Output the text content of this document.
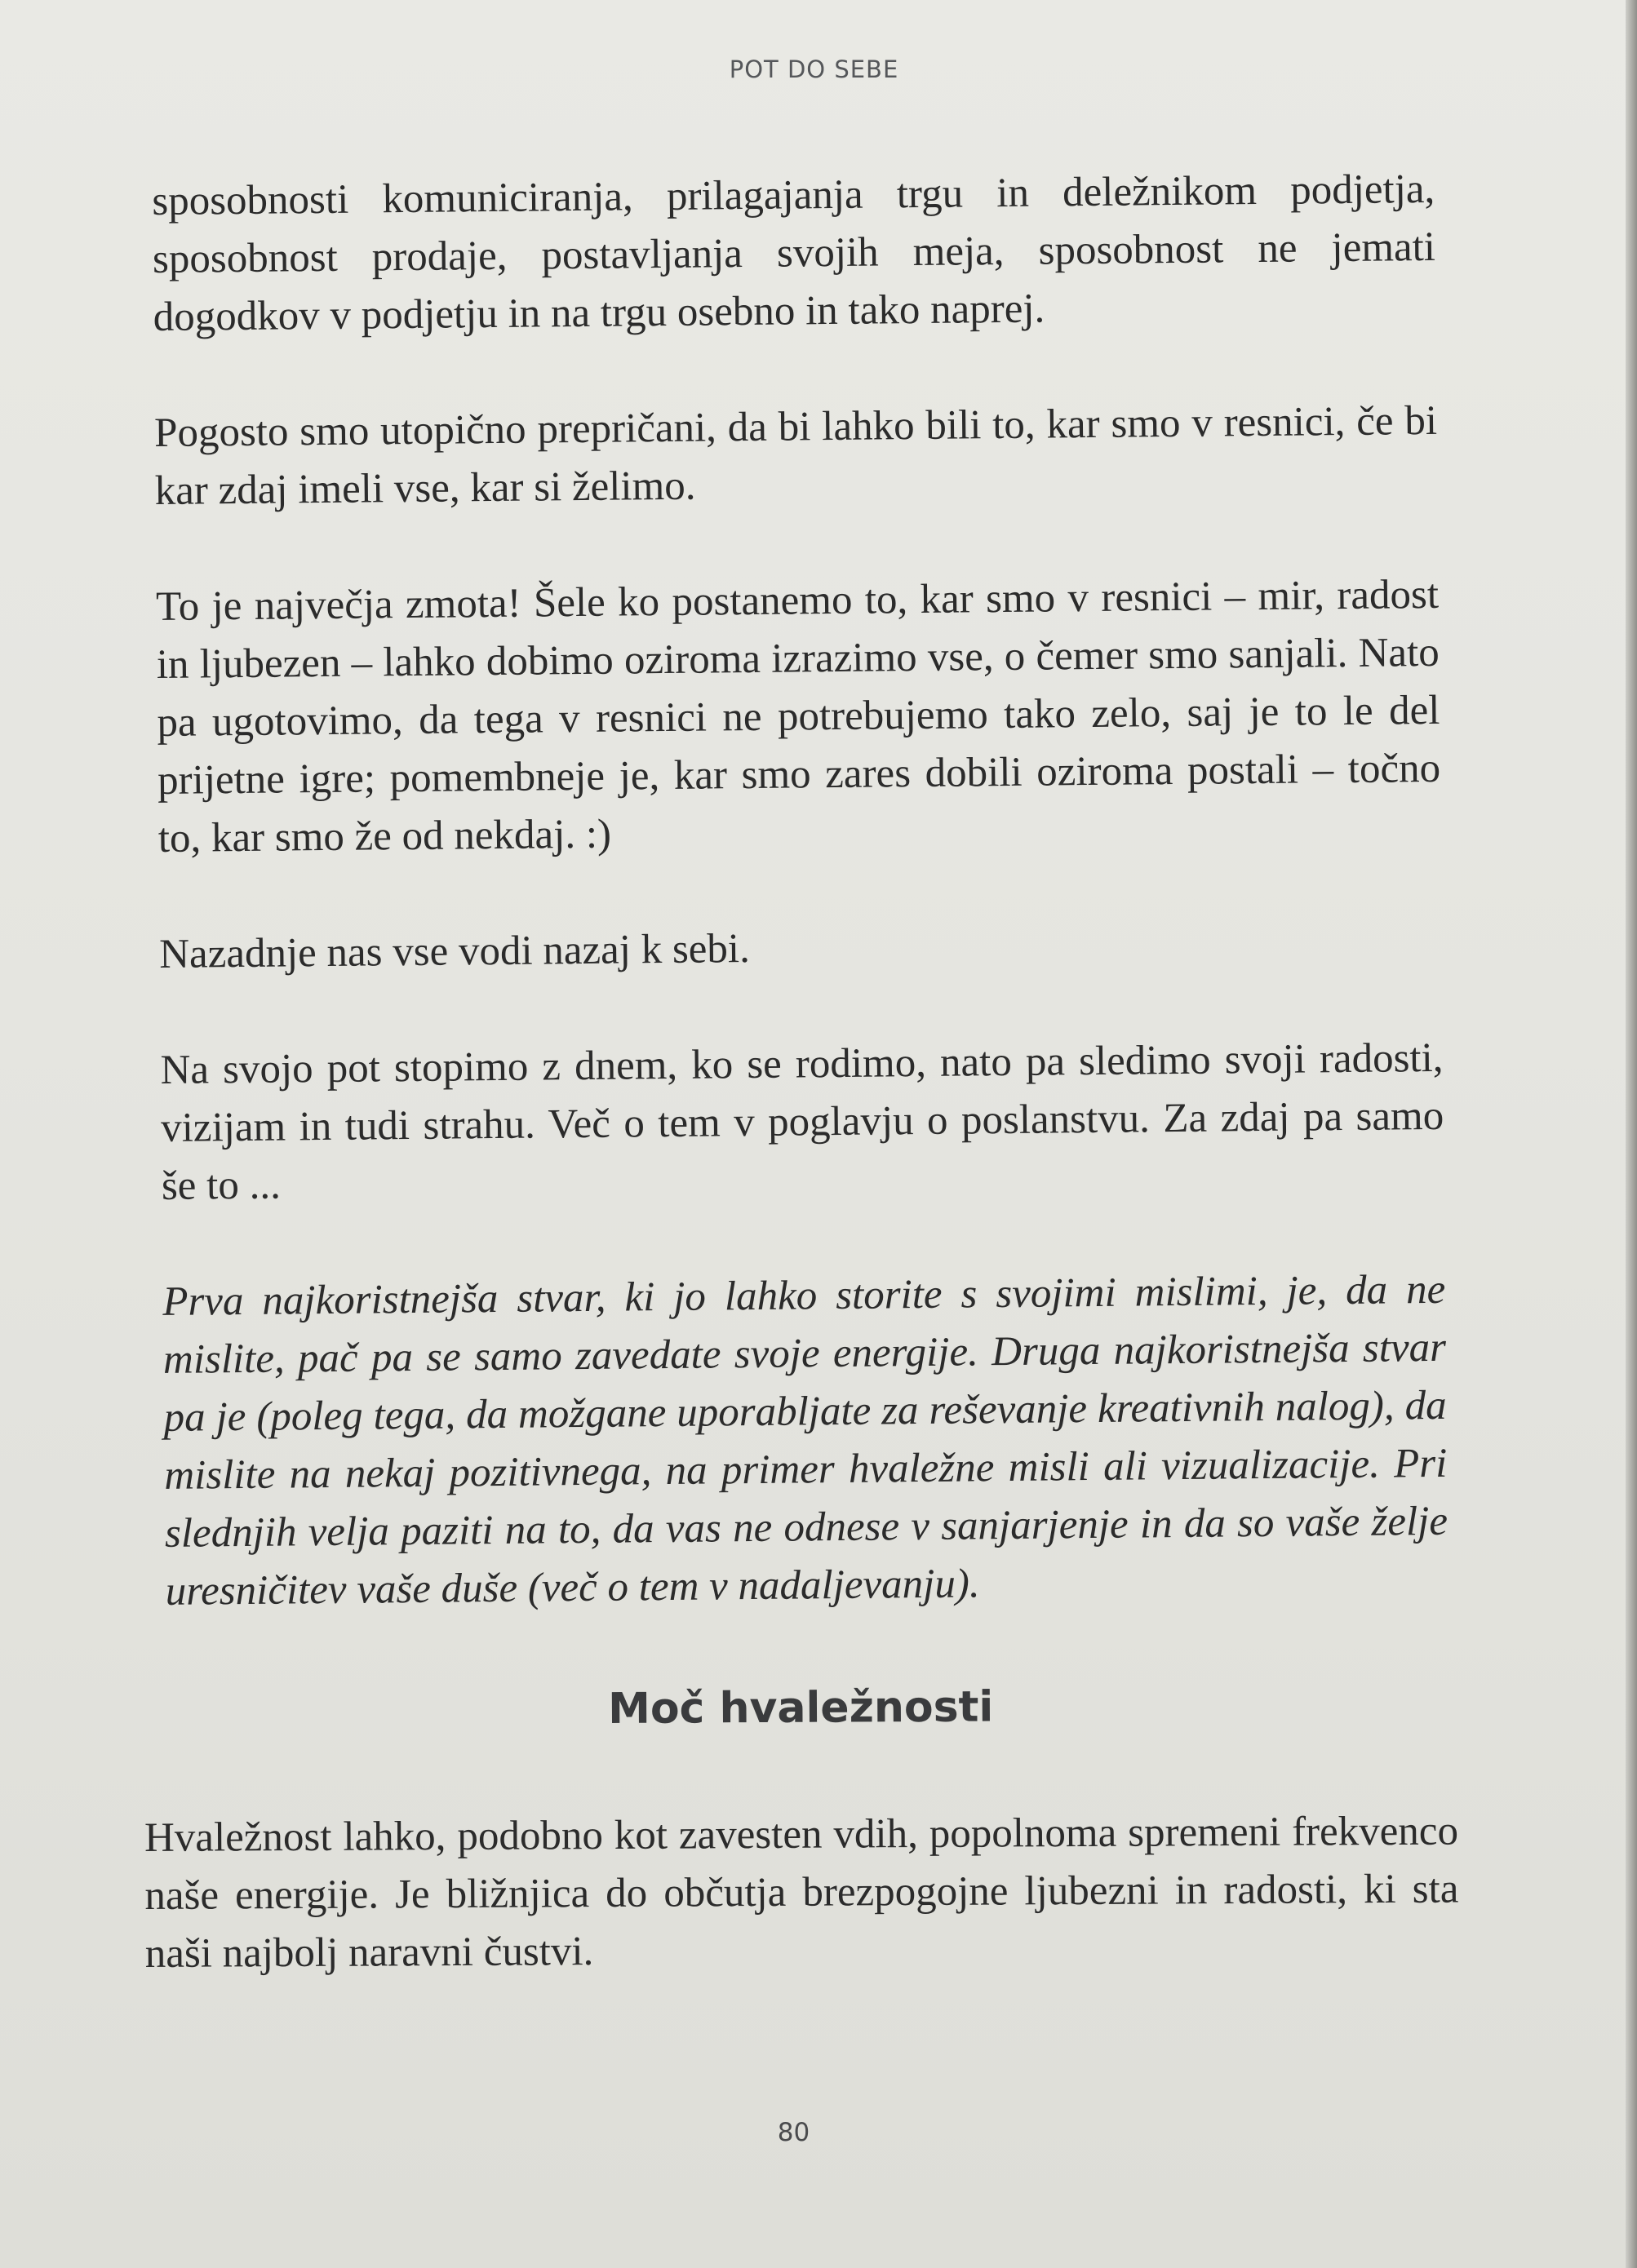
POT DO SEBE

sposobnosti komuniciranja, prilagajanja trgu in deležnikom podjetja, sposobnost prodaje, postavljanja svojih meja, sposobnost ne jemati dogodkov v podjetju in na trgu osebno in tako naprej.

Pogosto smo utopično prepričani, da bi lahko bili to, kar smo v resnici, če bi kar zdaj imeli vse, kar si želimo.

To je največja zmota! Šele ko postanemo to, kar smo v resnici – mir, radost in ljubezen – lahko dobimo oziroma izrazimo vse, o čemer smo sanjali. Nato pa ugotovimo, da tega v resnici ne potrebujemo tako zelo, saj je to le del prijetne igre; pomembneje je, kar smo zares dobili oziroma postali – točno to, kar smo že od nekdaj. :)

Nazadnje nas vse vodi nazaj k sebi.

Na svojo pot stopimo z dnem, ko se rodimo, nato pa sledimo svoji radosti, vizijam in tudi strahu. Več o tem v poglavju o poslanstvu. Za zdaj pa samo še to ...

Prva najkoristnejša stvar, ki jo lahko storite s svojimi mislimi, je, da ne mislite, pač pa se samo zavedate svoje energije. Druga najkoristnejša stvar pa je (poleg tega, da možgane uporabljate za reševanje kreativnih nalog), da mislite na nekaj pozitivnega, na primer hvaležne misli ali vizualizacije. Pri slednjih velja paziti na to, da vas ne odnese v sanjarjenje in da so vaše želje uresničitev vaše duše (več o tem v nadaljevanju).

Moč hvaležnosti

Hvaležnost lahko, podobno kot zavesten vdih, popolnoma spremeni frekvenco naše energije. Je bližnjica do občutja brezpogojne ljubezni in radosti, ki sta naši najbolj naravni čustvi.

80
